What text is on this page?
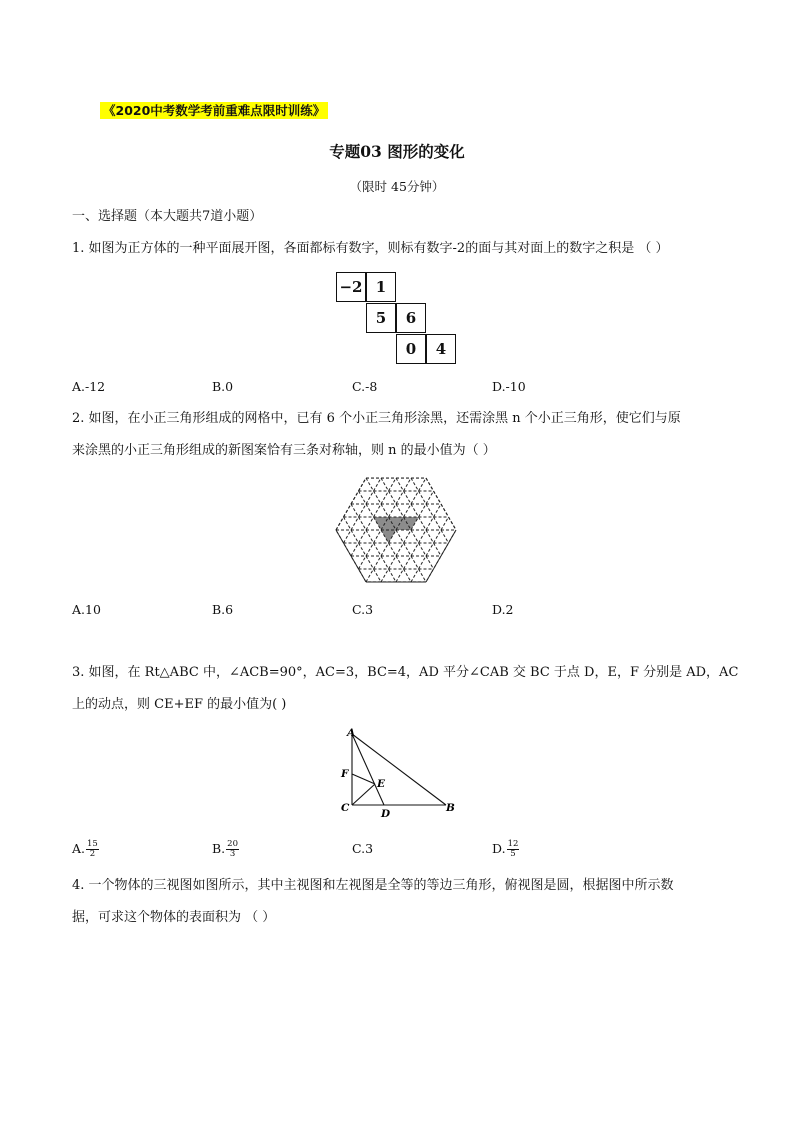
《2020中考数学考前重难点限时训练》
专题03 图形的变化
（限时 45分钟）
一、选择题（本大题共7道小题）
1. 如图为正方体的一种平面展开图，各面都标有数字，则标有数字-2的面与其对面上的数字之积是 （ ）
−2 1
5	6
0	4
A.-12	B.0	C.-8	D.-10
2. 如图，在小正三角形组成的网格中，已有 6 个小正三角形涂黑，还需涂黑 n 个小正三角形，使它们与原
来涂黑的小正三角形组成的新图案恰有三条对称轴，则 n 的最小值为（ ）
A.10	B.6	C.3	D.2
3. 如图，在 Rt△ABC 中，∠ACB=90°，AC=3，BC=4，AD 平分∠CAB 交 BC 于点 D，E，F 分别是 AD，AC
上的动点，则 CE+EF 的最小值为( )
A
F
E
C	D	B
A. $\frac{15}{2}$	B. $\frac{20}{3}$	C.3	D. $\frac{12}{5}$
4. 一个物体的三视图如图所示，其中主视图和左视图是全等的等边三角形，俯视图是圆，根据图中所示数
据，可求这个物体的表面积为 （ ）
